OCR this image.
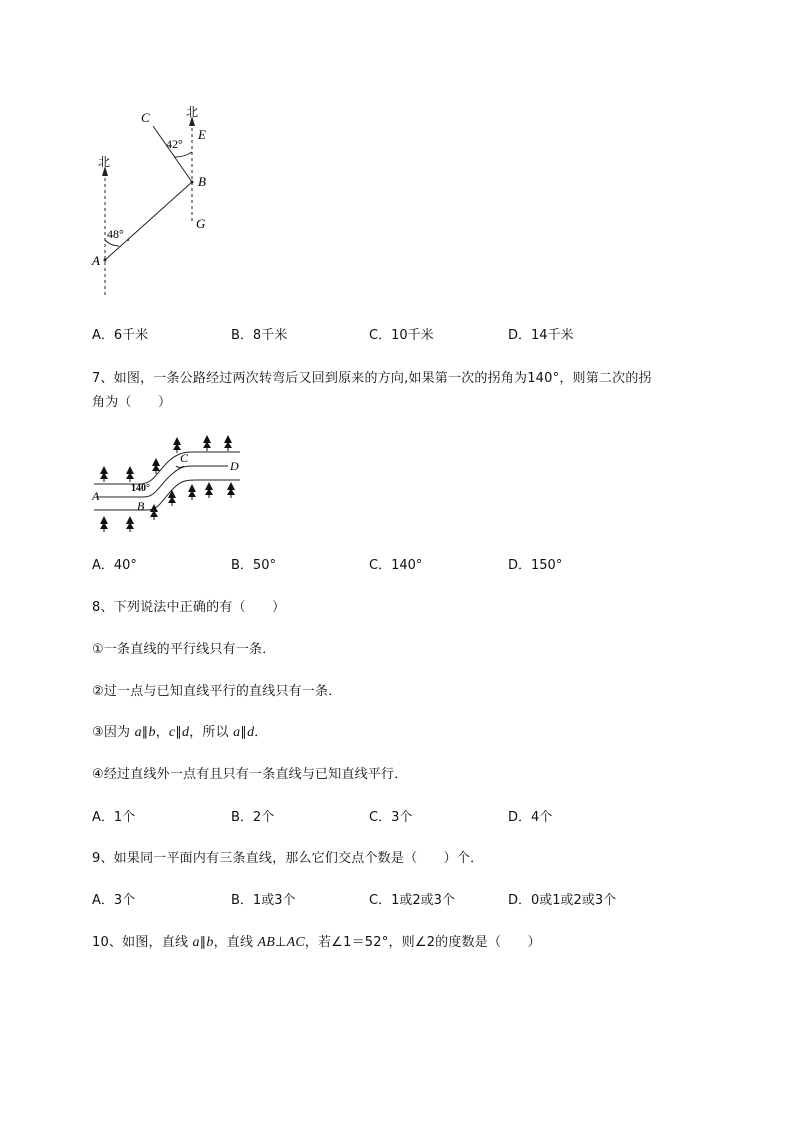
北
北
C
E
B
G
A
42°
48°
A．6千米	B．8千米	C．10千米	D．14千米
7、如图，一条公路经过两次转弯后又回到原来的方向,如果第一次的拐角为140°，则第二次的拐
角为（　　）
A
B
C
D
140°
A．40°	B．50°	C．140°	D．150°
8、下列说法中正确的有（　　）
①一条直线的平行线只有一条．
②过一点与已知直线平行的直线只有一条．
③因为 a∥b，c∥d，所以 a∥d．
④经过直线外一点有且只有一条直线与已知直线平行．
A．1个	B．2个	C．3个	D．4个
9、如果同一平面内有三条直线，那么它们交点个数是（　　）个．
A．3个	B．1或3个	C．1或2或3个	D．0或1或2或3个
10、如图，直线 a∥b，直线 AB⊥AC，若∠1＝52°，则∠2的度数是（　　）
